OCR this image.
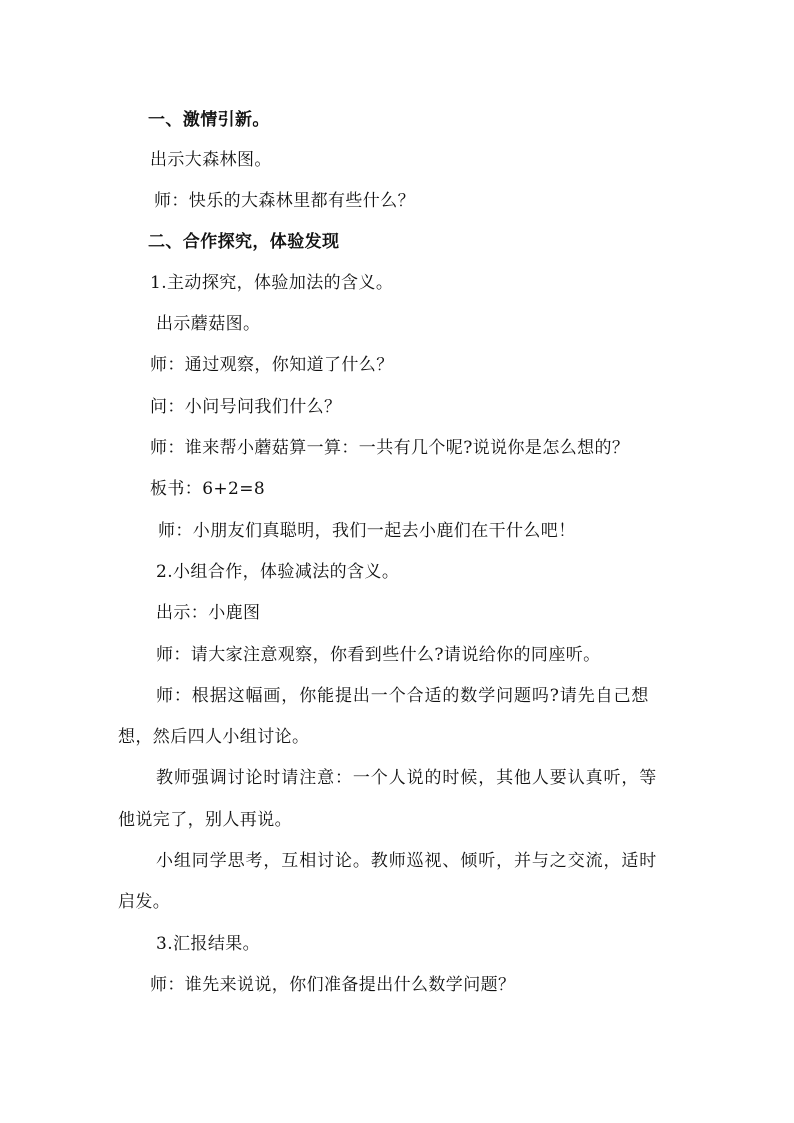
一、激情引新。
出示大森林图。
师：快乐的大森林里都有些什么？
二、合作探究，体验发现
1.主动探究，体验加法的含义。
出示蘑菇图。
师：通过观察，你知道了什么？
问：小问号问我们什么？
师：谁来帮小蘑菇算一算：一共有几个呢?说说你是怎么想的？
板书：6+2=8
师：小朋友们真聪明，我们一起去小鹿们在干什么吧！
2.小组合作，体验减法的含义。
出示：小鹿图
师：请大家注意观察，你看到些什么?请说给你的同座听。
师：根据这幅画，你能提出一个合适的数学问题吗?请先自己想
想，然后四人小组讨论。
教师强调讨论时请注意：一个人说的时候，其他人要认真听，等
他说完了，别人再说。
小组同学思考，互相讨论。教师巡视、倾听，并与之交流，适时
启发。
3.汇报结果。
师：谁先来说说，你们准备提出什么数学问题？
